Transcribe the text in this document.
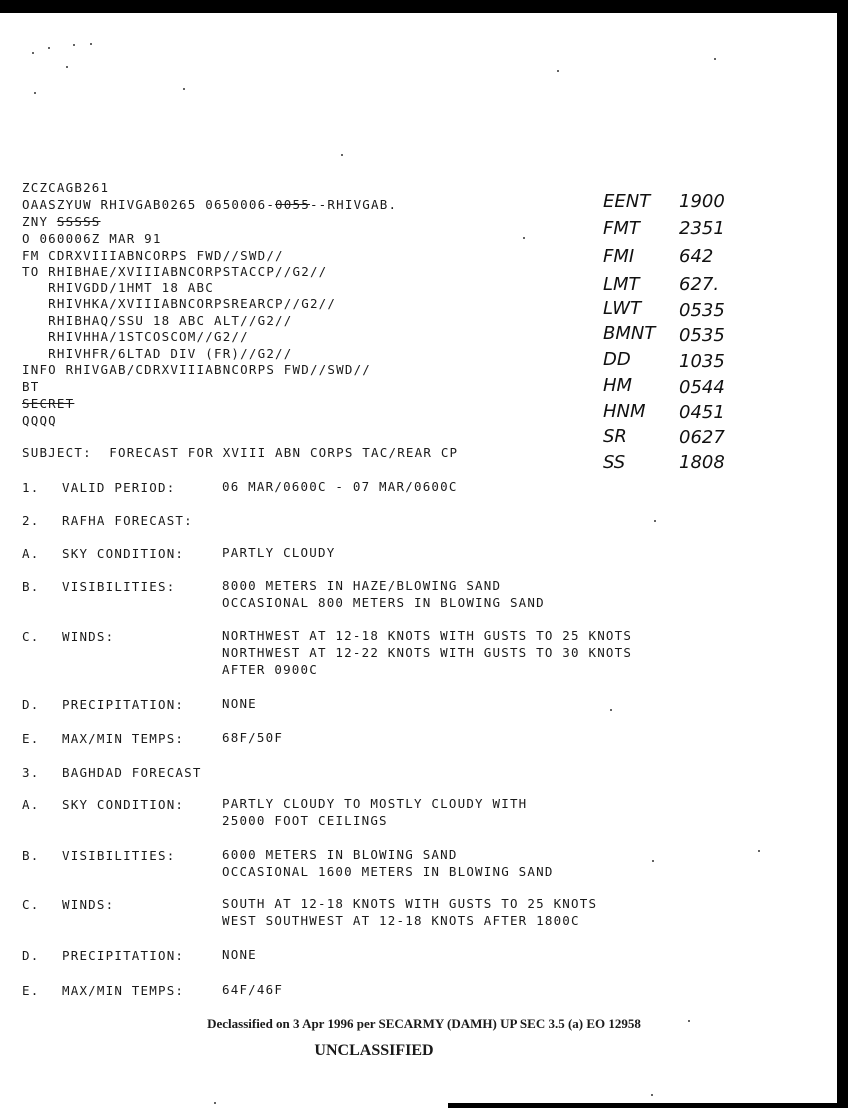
ZCZCAGB261
OAASZYUW RHIVGAB0265 0650006-0055--RHIVGAB.
ZNY SSSSS
O 060006Z MAR 91
FM CDRXVIIIABNCORPS FWD//SWD//
TO RHIBHAE/XVIIIABNCORPSTACCP//G2//
RHIVGDD/1HMT 18 ABC
RHIVHKA/XVIIIABNCORPSREARCP//G2//
RHIBHAQ/SSU 18 ABC ALT//G2//
RHIVHHA/1STCOSCOM//G2//
RHIVHFR/6LTAD DIV (FR)//G2//
INFO RHIVGAB/CDRXVIIIABNCORPS FWD//SWD//
BT
SECRET
QQQQ
SUBJECT:  FORECAST FOR XVIII ABN CORPS TAC/REAR CP
EENT 1900
FMT 2351
FMI 642
LMT 627.
LWT 0535
BMNT 0535
DD	1035
HM	0544
HNM 0451
SR	0627
SS	1808
1. VALID PERIOD:	06 MAR/0600C - 07 MAR/0600C
2. RAFHA FORECAST:
A. SKY CONDITION:	PARTLY CLOUDY
B. VISIBILITIES:	8000 METERS IN HAZE/BLOWING SAND
OCCASIONAL 800 METERS IN BLOWING SAND
C. WINDS:	NORTHWEST AT 12-18 KNOTS WITH GUSTS TO 25 KNOTS
NORTHWEST AT 12-22 KNOTS WITH GUSTS TO 30 KNOTS
AFTER 0900C
D. PRECIPITATION:	NONE
E. MAX/MIN TEMPS:	68F/50F
3. BAGHDAD FORECAST
A. SKY CONDITION:	PARTLY CLOUDY TO MOSTLY CLOUDY WITH
25000 FOOT CEILINGS
B. VISIBILITIES:	6000 METERS IN BLOWING SAND
OCCASIONAL 1600 METERS IN BLOWING SAND
C. WINDS:	SOUTH AT 12-18 KNOTS WITH GUSTS TO 25 KNOTS
WEST SOUTHWEST AT 12-18 KNOTS AFTER 1800C
D. PRECIPITATION:	NONE
E. MAX/MIN TEMPS:	64F/46F
Declassified on 3 Apr 1996 per SECARMY (DAMH) UP SEC 3.5 (a) EO 12958
UNCLASSIFIED
